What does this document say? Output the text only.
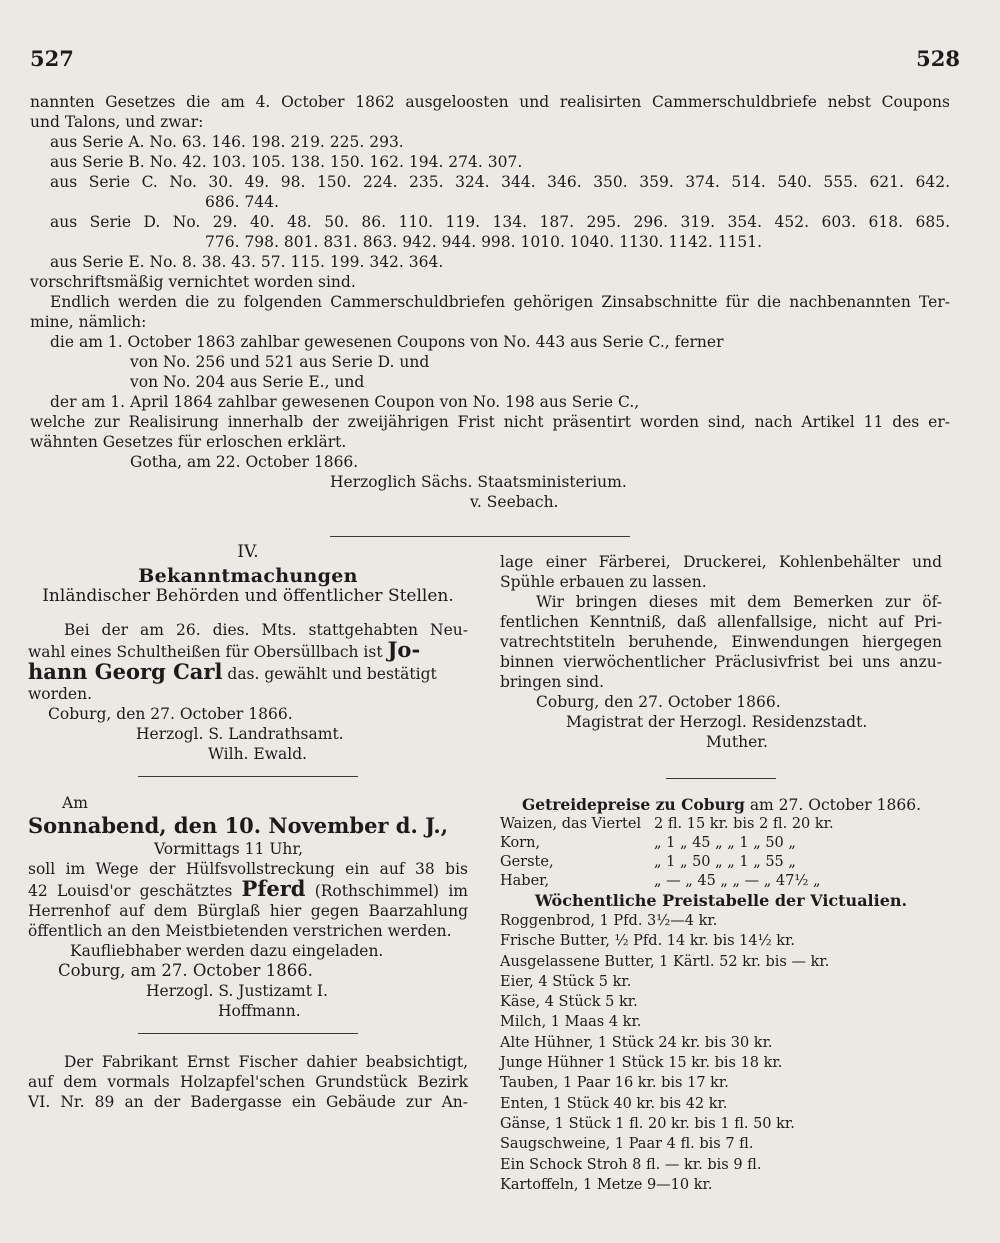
527	528

nannten Gesetzes die am 4. October 1862 ausgeloosten und realisirten Cammerschuldbriefe nebst Coupons

und Talons, und zwar:

aus Serie A. No. 63. 146. 198. 219. 225. 293.

aus Serie B. No. 42. 103. 105. 138. 150. 162. 194. 274. 307.

aus Serie C. No. 30. 49. 98. 150. 224. 235. 324. 344. 346. 350. 359. 374. 514. 540. 555. 621. 642.

686. 744.

aus Serie D. No. 29. 40. 48. 50. 86. 110. 119. 134. 187. 295. 296. 319. 354. 452. 603. 618. 685.

776. 798. 801. 831. 863. 942. 944. 998. 1010. 1040. 1130. 1142. 1151.

aus Serie E. No. 8. 38. 43. 57. 115. 199. 342. 364.

vorschriftsmäßig vernichtet worden sind.

Endlich werden die zu folgenden Cammerschuldbriefen gehörigen Zinsabschnitte für die nachbenannten Ter-

mine, nämlich:

die am 1. October 1863 zahlbar gewesenen Coupons von No. 443 aus Serie C., ferner

von No. 256 und 521 aus Serie D. und

von No. 204 aus Serie E., und

der am 1. April 1864 zahlbar gewesenen Coupon von No. 198 aus Serie C.,

welche zur Realisirung innerhalb der zweijährigen Frist nicht präsentirt worden sind, nach Artikel 11 des er-

wähnten Gesetzes für erloschen erklärt.

Gotha, am 22. October 1866.

Herzoglich Sächs. Staatsministerium.

v. Seebach.

IV.

Bekanntmachungen

Inländischer Behörden und öffentlicher Stellen.

Bei der am 26. dies. Mts. stattgehabten Neu-

wahl eines Schultheißen für Obersüllbach ist Jo-

hann Georg Carl das. gewählt und bestätigt

worden.

Coburg, den 27. October 1866.

Herzogl. S. Landrathsamt.

Wilh. Ewald.

Am

Sonnabend, den 10. November d. J.,

Vormittags 11 Uhr,

soll im Wege der Hülfsvollstreckung ein auf 38 bis

42 Louisd'or geschätztes Pferd (Rothschimmel) im

Herrenhof auf dem Bürglaß hier gegen Baarzahlung

öffentlich an den Meistbietenden verstrichen werden.

Kaufliebhaber werden dazu eingeladen.

Coburg, am 27. October 1866.

Herzogl. S. Justizamt I.

Hoffmann.

Der Fabrikant Ernst Fischer dahier beabsichtigt,

auf dem vormals Holzapfel'schen Grundstück Bezirk

VI. Nr. 89 an der Badergasse ein Gebäude zur An-

lage einer Färberei, Druckerei, Kohlenbehälter und

Spühle erbauen zu lassen.

Wir bringen dieses mit dem Bemerken zur öf-

fentlichen Kenntniß, daß allenfallsige, nicht auf Pri-

vatrechtstiteln beruhende, Einwendungen hiergegen

binnen vierwöchentlicher Präclusivfrist bei uns anzu-

bringen sind.

Coburg, den 27. October 1866.

Magistrat der Herzogl. Residenzstadt.

Muther.

Getreidepreise zu Coburg am 27. October 1866.

Waizen, das Viertel	2 fl. 15 kr. bis 2 fl. 20 kr.
Korn,	„ 1 „ 45 „ „ 1 „ 50 „
Gerste,	„ 1 „ 50 „ „ 1 „ 55 „
Haber,	„ — „ 45 „ „ — „ 47½ „

Wöchentliche Preistabelle der Victualien.

Roggenbrod, 1 Pfd. 3½—4 kr.
Frische Butter, ½ Pfd. 14 kr. bis 14½ kr.
Ausgelassene Butter, 1 Kärtl. 52 kr. bis — kr.
Eier, 4 Stück 5 kr.
Käse, 4 Stück 5 kr.
Milch, 1 Maas 4 kr.
Alte Hühner, 1 Stück 24 kr. bis 30 kr.
Junge Hühner 1 Stück 15 kr. bis 18 kr.
Tauben, 1 Paar 16 kr. bis 17 kr.
Enten, 1 Stück 40 kr. bis 42 kr.
Gänse, 1 Stück 1 fl. 20 kr. bis 1 fl. 50 kr.
Saugschweine, 1 Paar 4 fl. bis 7 fl.
Ein Schock Stroh 8 fl. — kr. bis 9 fl.
Kartoffeln, 1 Metze 9—10 kr.
